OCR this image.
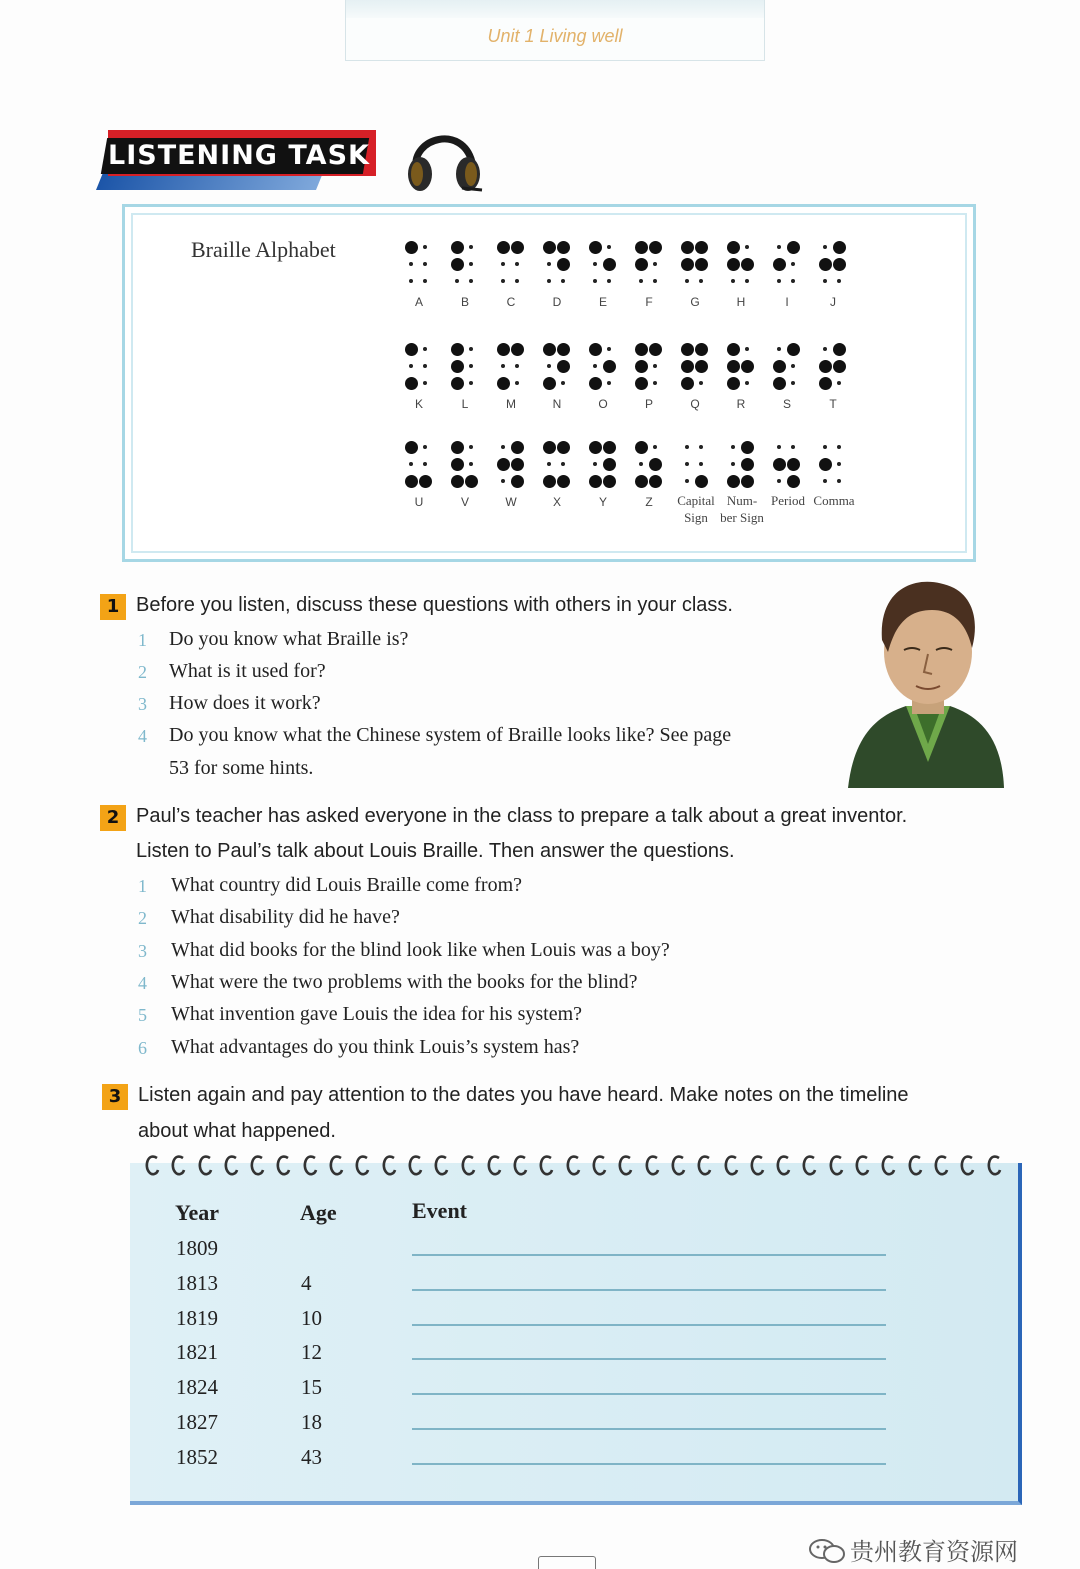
Unit 1 Living well
LISTENING TASK
Braille Alphabet
A	B	C	D	E	F	G	H	I	J
K	L	M	N	O	P	Q	R	S	T
U	V	W	X	Y	Z	Capital Sign
Num- ber Sign
Period Comma
1 Before you listen, discuss these questions with others in your class.
1 Do you know what Braille is?
2 What is it used for?
3 How does it work?
4 Do you know what the Chinese system of Braille looks like? See page
53 for some hints.
2 Paul’s teacher has asked everyone in the class to prepare a talk about a great inventor.
Listen to Paul’s talk about Louis Braille. Then answer the questions.
1 What country did Louis Braille come from?
2 What disability did he have?
3 What did books for the blind look like when Louis was a boy?
4 What were the two problems with the books for the blind?
5 What invention gave Louis the idea for his system?
6 What advantages do you think Louis’s system has?
3 Listen again and pay attention to the dates you have heard. Make notes on the timeline
about what happened.
Year	Age	Event
1809
1813	4
1819	10
1821	12
1824	15
1827	18
1852	43
贵州教育资源网
